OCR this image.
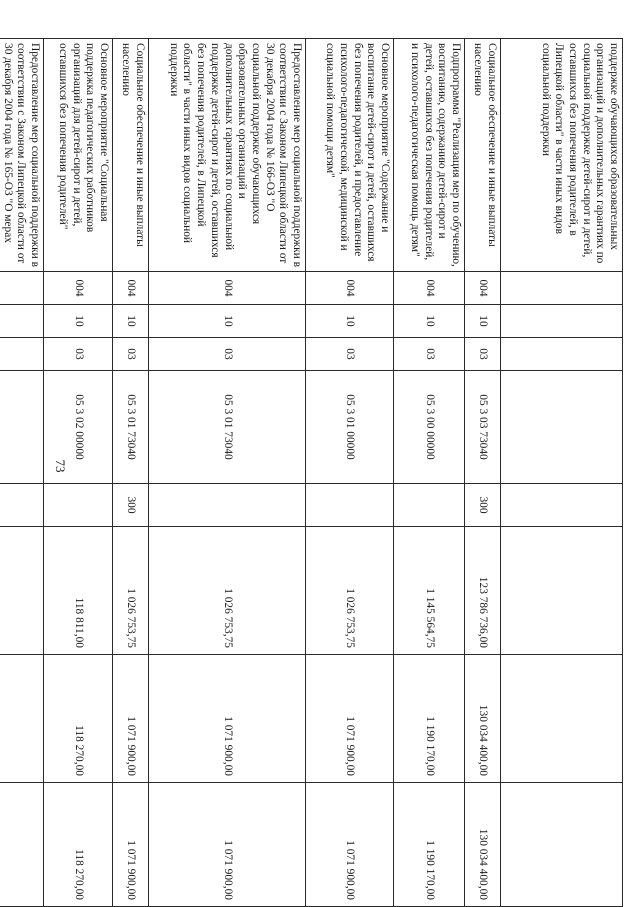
73
поддержке обучающихся образовательных организаций и дополнительных гарантиях по социальной поддержке детей-сирот и детей, оставшихся без попечения родителей, в Липецкой области" в части иных видов социальной поддержки								
Социальное обеспечение и иные выплаты населению	004	10	03	05 3 03 73040	300	123 786 736,00	130 034 400,00	130 034 400,00
Подпрограмма "Реализация мер по обучению, воспитанию, содержанию детей-сирот и детей, оставшихся без попечения родителей, и психолого-педагогическая помощь детям"	004	10	03	05 3 00 00000		1 145 564,75	1 190 170,00	1 190 170,00
Основное мероприятие "Содержание и воспитание детей-сирот и детей, оставшихся без попечения родителей, и предоставление психолого-педагогической, медицинской и социальной помощи детям"	004	10	03	05 3 01 00000		1 026 753,75	1 071 900,00	1 071 900,00
Предоставление мер социальной поддержки в соответствии с Законом Липецкой области от 30 декабря 2004 года № 166-ОЗ "О социальной поддержке обучающихся образовательных организаций и дополнительных гарантиях по социальной поддержке детей-сирот и детей, оставшихся без попечения родителей, в Липецкой области" в части иных видов социальной поддержки	004	10	03	05 3 01 73040		1 026 753,75	1 071 900,00	1 071 900,00
Социальное обеспечение и иные выплаты населению	004	10	03	05 3 01 73040	300	1 026 753,75	1 071 900,00	1 071 900,00
Основное мероприятие "Социальная поддержка педагогических работников организаций для детей-сирот и детей, оставшихся без попечения родителей"	004	10	03	05 3 02 00000		118 811,00	118 270,00	118 270,00
Предоставление мер социальной поддержки в соответствии с Законом Липецкой области от 30 декабря 2004 года № 165-ОЗ "О мерах								
